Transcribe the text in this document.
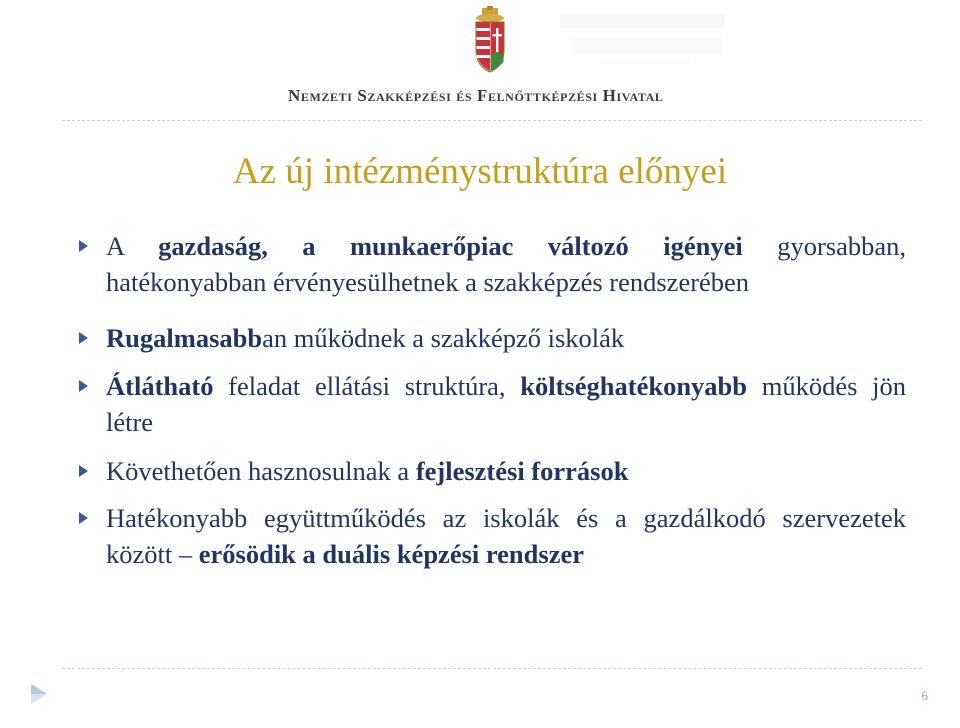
Nemzeti Szakképzési és Felnőttképzési Hivatal
Az új intézménystruktúra előnyei
A gazdaság, a munkaerőpiac változó igényei gyorsabban, hatékonyabban érvényesülhetnek a szakképzés rendszerében
Rugalmasabban működnek a szakképző iskolák
Átlátható feladat ellátási struktúra, költséghatékonyabb működés jön létre
Követhetően hasznosulnak a fejlesztési források
Hatékonyabb együttműködés az iskolák és a gazdálkodó szervezetek között – erősödik a duális képzési rendszer
6
